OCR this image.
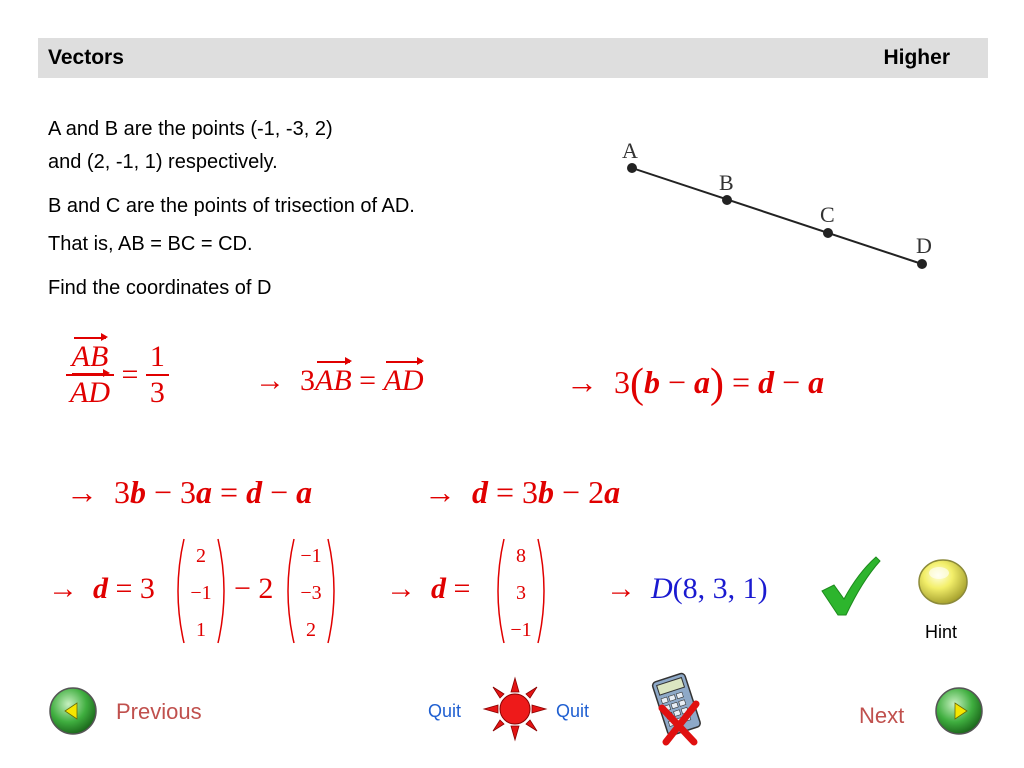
Vectors	Higher
A and B are the points (-1, -3, 2)
and (2, -1, 1) respectively.
B and C are the points of trisection of AD.
That is, AB = BC = CD.
Find the coordinates of D
A
B
C
D
$\frac{AB}{AD} = \frac{1}{3}$	→  3AB = AD	→  3(b − a) = d − a
→  3b − 3a = d − a	→  d = 3b − 2a
→  d = 3
2
−1
1
− 2
−1
−3
2
→  d =
8
3
−1
→  D(8, 3, 1)
Hint
Previous	Quit	Quit	Next
